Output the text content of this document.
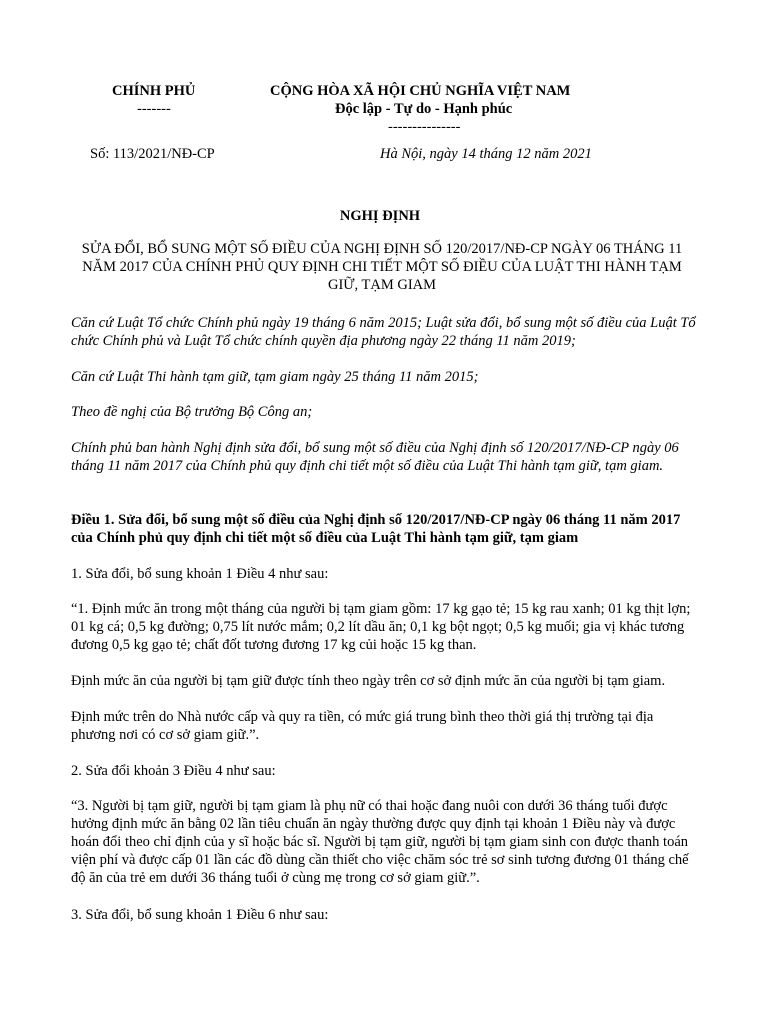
CHÍNH PHỦ
-------
CỘNG HÒA XÃ HỘI CHỦ NGHĨA VIỆT NAM
Độc lập - Tự do - Hạnh phúc
---------------
Số: 113/2021/NĐ-CP	Hà Nội, ngày 14 tháng 12 năm 2021
NGHỊ ĐỊNH
SỬA ĐỔI, BỔ SUNG MỘT SỐ ĐIỀU CỦA NGHỊ ĐỊNH SỐ 120/2017/NĐ-CP NGÀY 06 THÁNG 11 NĂM 2017 CỦA CHÍNH PHỦ QUY ĐỊNH CHI TIẾT MỘT SỐ ĐIỀU CỦA LUẬT THI HÀNH TẠM GIỮ, TẠM GIAM
Căn cứ Luật Tổ chức Chính phủ ngày 19 tháng 6 năm 2015; Luật sửa đổi, bổ sung một số điều của Luật Tổ chức Chính phủ và Luật Tổ chức chính quyền địa phương ngày 22 tháng 11 năm 2019;
Căn cứ Luật Thi hành tạm giữ, tạm giam ngày 25 tháng 11 năm 2015;
Theo đề nghị của Bộ trưởng Bộ Công an;
Chính phủ ban hành Nghị định sửa đổi, bổ sung một số điều của Nghị định số 120/2017/NĐ-CP ngày 06 tháng 11 năm 2017 của Chính phủ quy định chi tiết một số điều của Luật Thi hành tạm giữ, tạm giam.
Điều 1. Sửa đổi, bổ sung một số điều của Nghị định số 120/2017/NĐ-CP ngày 06 tháng 11 năm 2017 của Chính phủ quy định chi tiết một số điều của Luật Thi hành tạm giữ, tạm giam
1. Sửa đổi, bổ sung khoản 1 Điều 4 như sau:
“1. Định mức ăn trong một tháng của người bị tạm giam gồm: 17 kg gạo tẻ; 15 kg rau xanh; 01 kg thịt lợn; 01 kg cá; 0,5 kg đường; 0,75 lít nước mắm; 0,2 lít dầu ăn; 0,1 kg bột ngọt; 0,5 kg muối; gia vị khác tương đương 0,5 kg gạo tẻ; chất đốt tương đương 17 kg củi hoặc 15 kg than.
Định mức ăn của người bị tạm giữ được tính theo ngày trên cơ sở định mức ăn của người bị tạm giam.
Định mức trên do Nhà nước cấp và quy ra tiền, có mức giá trung bình theo thời giá thị trường tại địa phương nơi có cơ sở giam giữ.”.
2. Sửa đổi khoản 3 Điều 4 như sau:
“3. Người bị tạm giữ, người bị tạm giam là phụ nữ có thai hoặc đang nuôi con dưới 36 tháng tuổi được hưởng định mức ăn bằng 02 lần tiêu chuẩn ăn ngày thường được quy định tại khoản 1 Điều này và được hoán đổi theo chỉ định của y sĩ hoặc bác sĩ. Người bị tạm giữ, người bị tạm giam sinh con được thanh toán viện phí và được cấp 01 lần các đồ dùng cần thiết cho việc chăm sóc trẻ sơ sinh tương đương 01 tháng chế độ ăn của trẻ em dưới 36 tháng tuổi ở cùng mẹ trong cơ sở giam giữ.”.
3. Sửa đổi, bổ sung khoản 1 Điều 6 như sau:
